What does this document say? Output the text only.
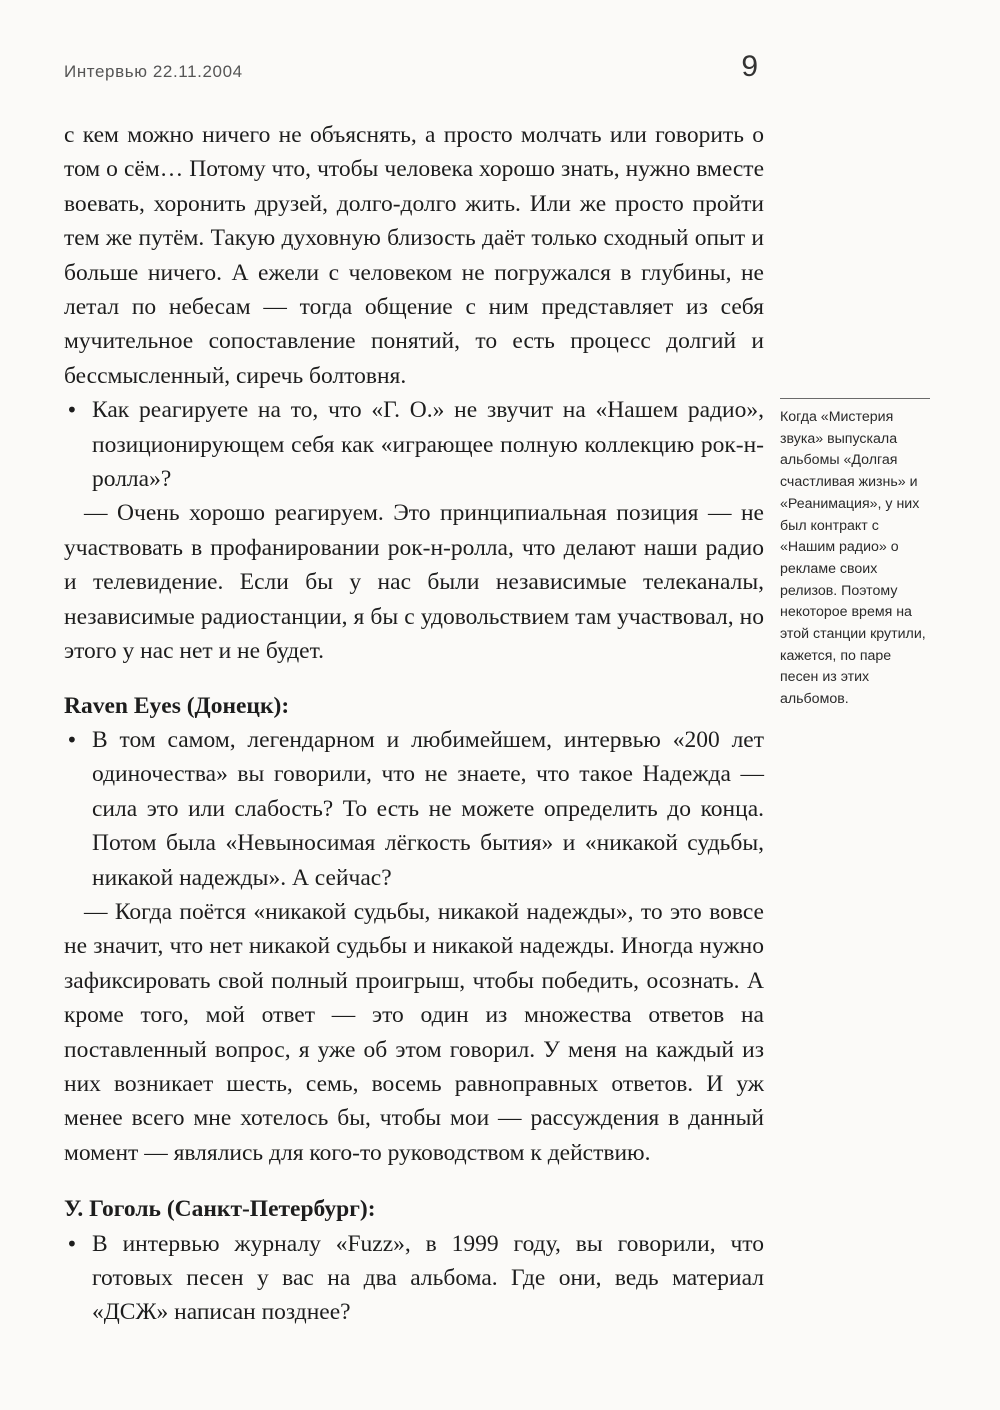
Интервью 22.11.2004	9

с кем можно ничего не объяснять, а просто молчать или говорить о том о сём… Потому что, чтобы человека хорошо знать, нужно вместе воевать, хоронить друзей, долго-долго жить. Или же просто пройти тем же путём. Такую духовную близость даёт только сходный опыт и больше ничего. А ежели с человеком не погружался в глубины, не летал по небесам — тогда общение с ним представляет из себя мучительное сопоставление понятий, то есть процесс долгий и бессмысленный, сиречь болтовня.

• Как реагируете на то, что «Г. О.» не звучит на «Нашем радио», позиционирующем себя как «играющее полную коллекцию рок-н-ролла»?

— Очень хорошо реагируем. Это принципиальная позиция — не участвовать в профанировании рок-н-ролла, что делают наши радио и телевидение. Если бы у нас были независимые телеканалы, независимые радиостанции, я бы с удовольствием там участвовал, но этого у нас нет и не будет.

Raven Eyes (Донецк):

• В том самом, легендарном и любимейшем, интервью «200 лет одиночества» вы говорили, что не знаете, что такое Надежда — сила это или слабость? То есть не можете определить до конца. Потом была «Невыносимая лёгкость бытия» и «никакой судьбы, никакой надежды». А сейчас?

— Когда поётся «никакой судьбы, никакой надежды», то это вовсе не значит, что нет никакой судьбы и никакой надежды. Иногда нужно зафиксировать свой полный проигрыш, чтобы победить, осознать. А кроме того, мой ответ — это один из множества ответов на поставленный вопрос, я уже об этом говорил. У меня на каждый из них возникает шесть, семь, восемь равноправных ответов. И уж менее всего мне хотелось бы, чтобы мои — рассуждения в данный момент — являлись для кого-то руководством к действию.

У. Гоголь (Санкт-Петербург):

• В интервью журналу «Fuzz», в 1999 году, вы говорили, что готовых песен у вас на два альбома. Где они, ведь материал «ДСЖ» написан позднее?

Когда «Мистерия звука» выпускала альбомы «Долгая счастливая жизнь» и «Реанимация», у них был контракт с «Нашим радио» о рекламе своих релизов. Поэтому некоторое время на этой станции крутили, кажется, по паре песен из этих альбомов.
